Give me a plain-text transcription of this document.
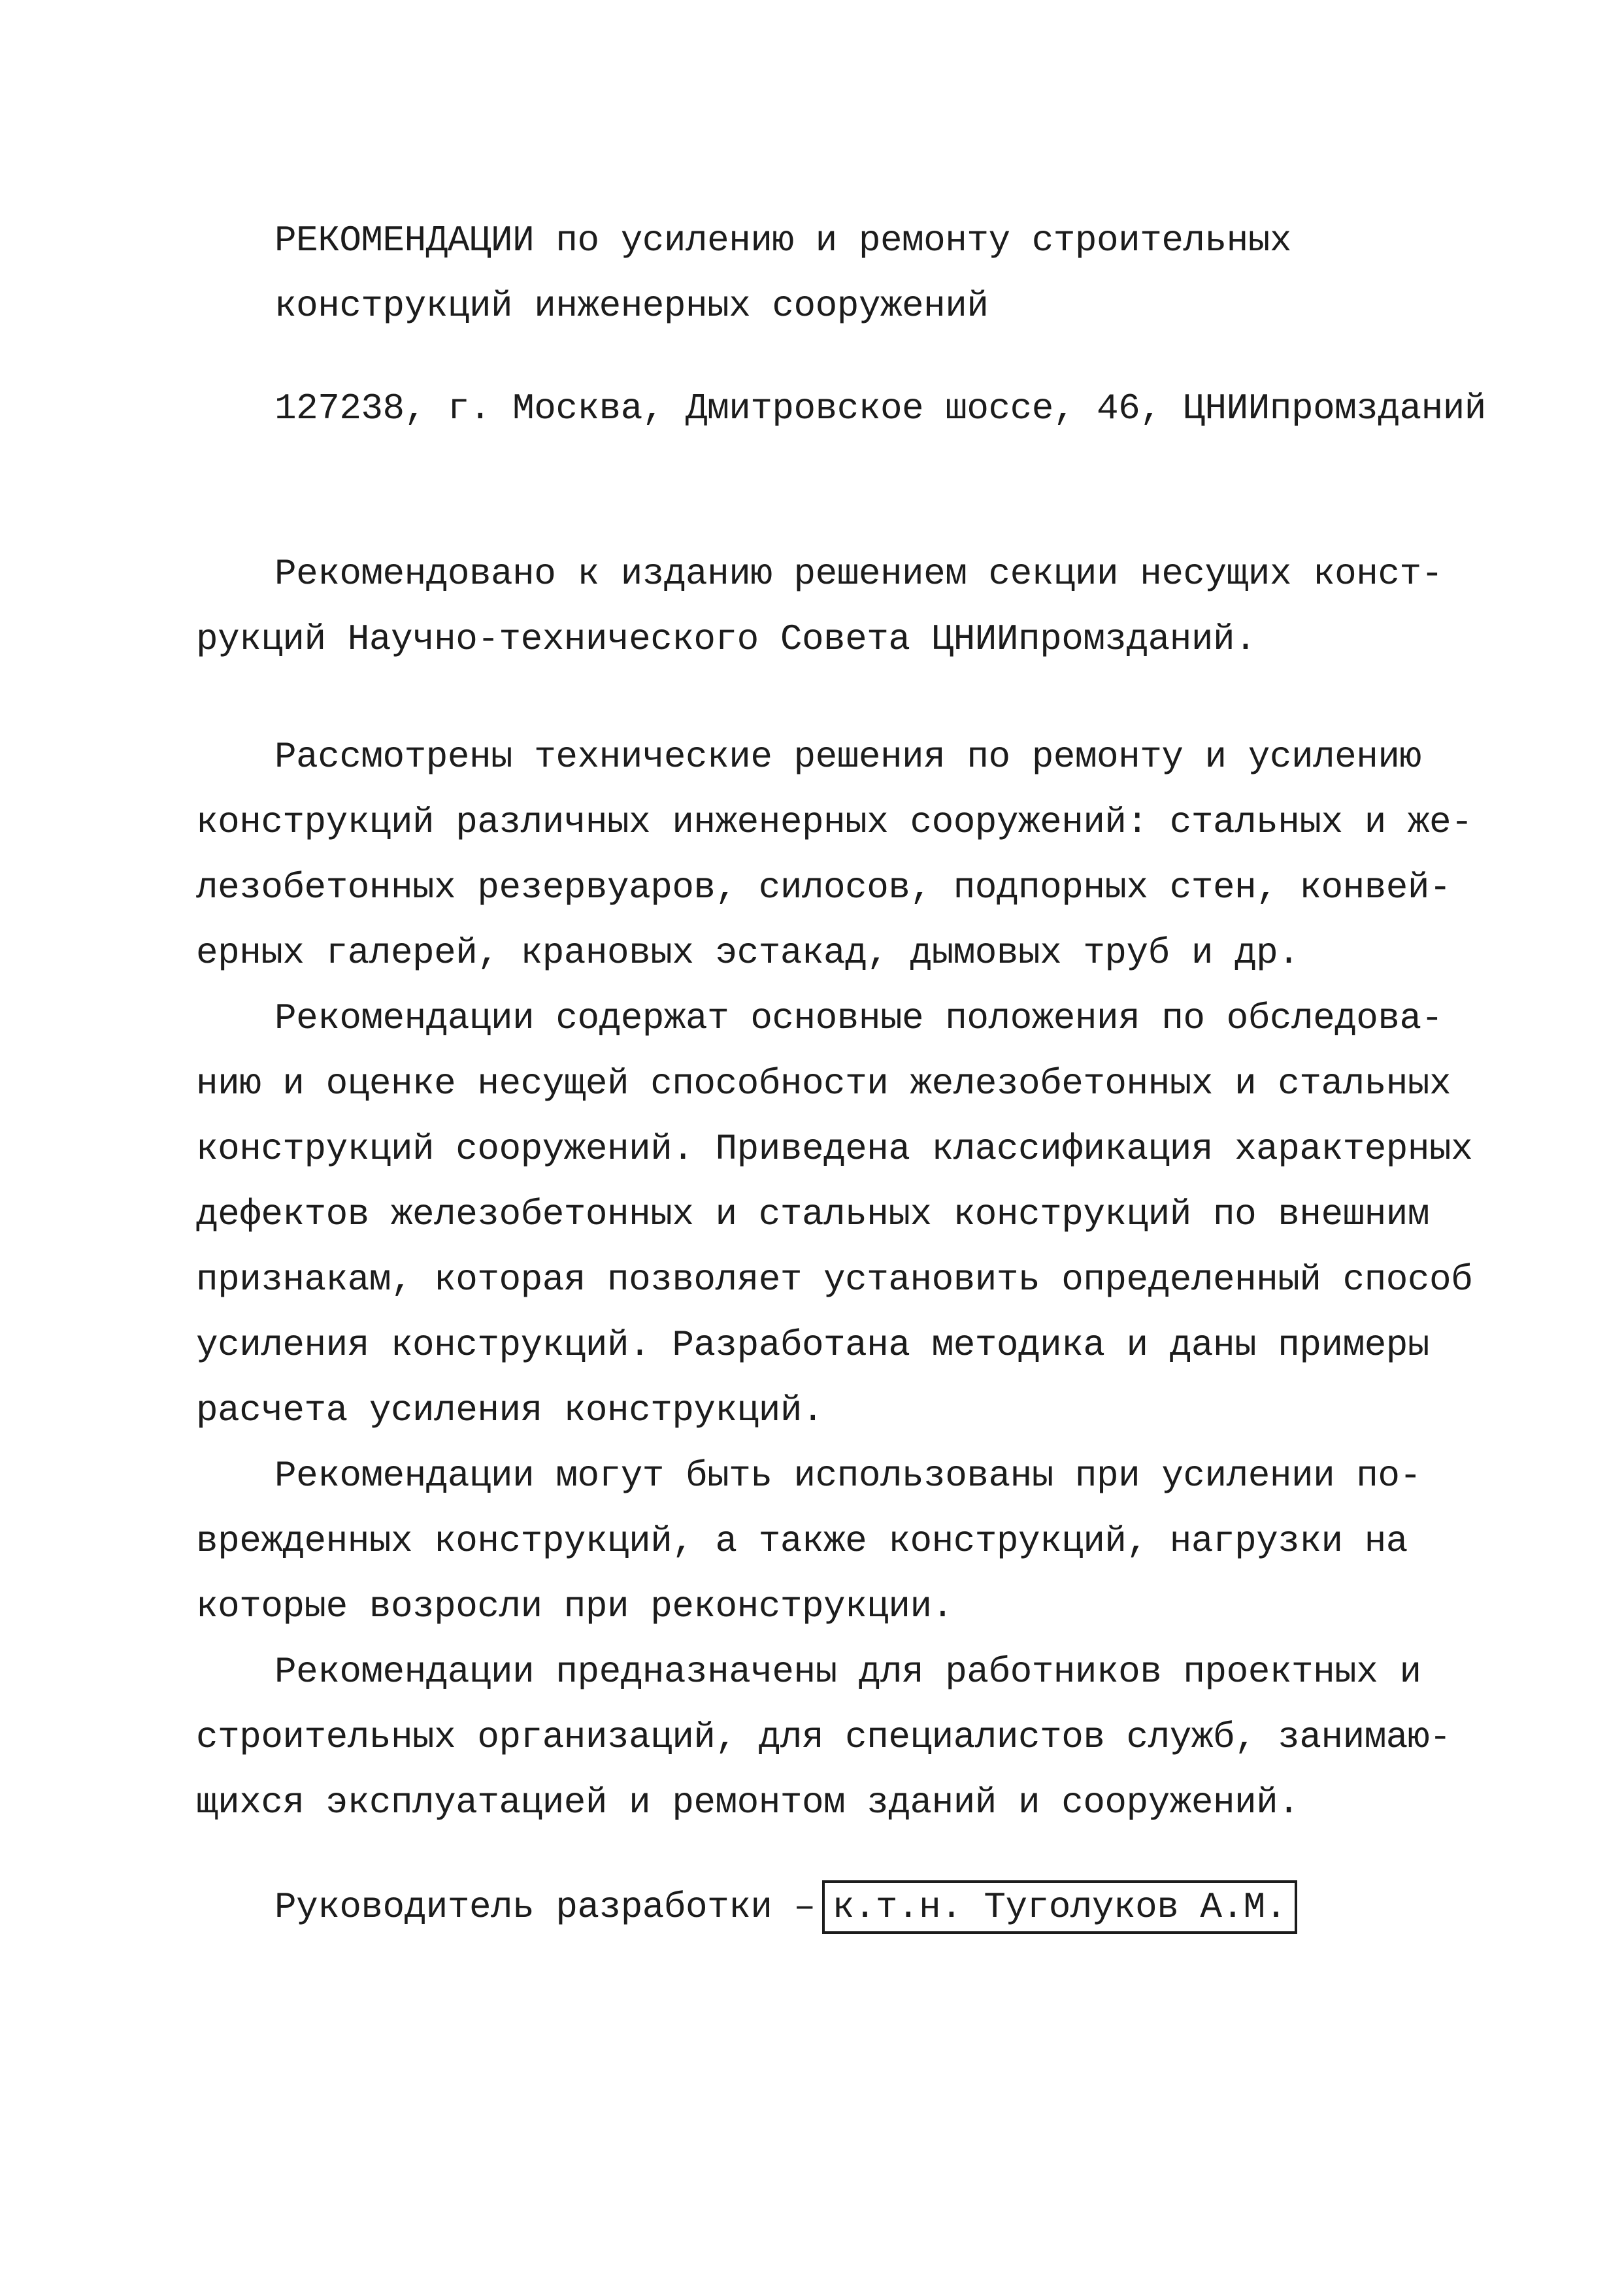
РЕКОМЕНДАЦИИ по усилению и ремонту строительных
конструкций инженерных сооружений
127238, г. Москва, Дмитровское шоссе, 46, ЦНИИпромзданий
Рекомендовано к изданию решением секции несущих конст-
рукций Научно-технического Совета ЦНИИпромзданий.
Рассмотрены технические решения по ремонту и усилению
конструкций различных инженерных сооружений: стальных и же-
лезобетонных резервуаров, силосов, подпорных стен, конвей-
ерных галерей, крановых эстакад, дымовых труб и др.
Рекомендации содержат основные положения по обследова-
нию и оценке несущей способности железобетонных и стальных
конструкций сооружений. Приведена классификация характерных
дефектов железобетонных и стальных конструкций по внешним
признакам, которая позволяет установить определенный способ
усиления конструкций. Разработана методика и даны примеры
расчета усиления конструкций.
Рекомендации могут быть использованы при усилении по-
врежденных конструкций, а также конструкций, нагрузки на
которые возросли при реконструкции.
Рекомендации предназначены для работников проектных и
строительных организаций, для специалистов служб, занимаю-
щихся эксплуатацией и ремонтом зданий и сооружений.
Руководитель разработки – к.т.н. Туголуков А.М.
